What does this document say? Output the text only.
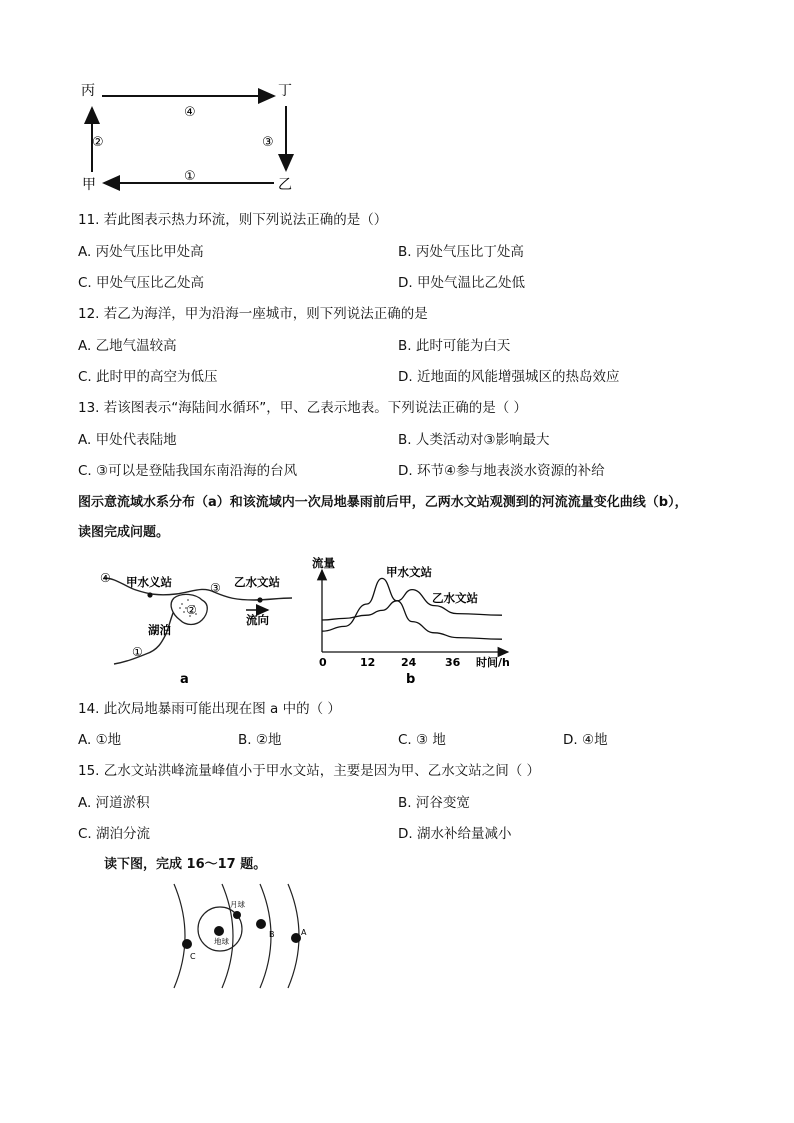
丙	丁
甲	乙
④
③
①
②
11. 若此图表示热力环流，则下列说法正确的是（）
A. 丙处气压比甲处高	B. 丙处气压比丁处高
C. 甲处气压比乙处高	D. 甲处气温比乙处低
12. 若乙为海洋，甲为沿海一座城市，则下列说法正确的是
A. 乙地气温较高	B. 此时可能为白天
C. 此时甲的高空为低压	D. 近地面的风能增强城区的热岛效应
13. 若该图表示“海陆间水循环”，甲、乙表示地表。下列说法正确的是（ ）
A. 甲处代表陆地	B. 人类活动对③影响最大
C. ③可以是登陆我国东南沿海的台风	D. 环节④参与地表淡水资源的补给
图示意流域水系分布（a）和该流域内一次局地暴雨前后甲，乙两水文站观测到的河流流量变化曲线（b），
读图完成问题。
④ 甲水义站	③ 乙水文站
②
流向
湖泊
①
a
流量
甲水文站
乙水文站
0	12 24	36 时间/h
b
14. 此次局地暴雨可能出现在图 a 中的（ ）
A. ①地	B. ②地	C. ③ 地	D. ④地
15. 乙水文站洪峰流量峰值小于甲水文站，主要是因为甲、乙水文站之间（ ）
A. 河道淤积	B. 河谷变宽
C. 湖泊分流	D. 湖水补给量减小
读下图，完成 16～17 题。
月球
地球
B	A
C
